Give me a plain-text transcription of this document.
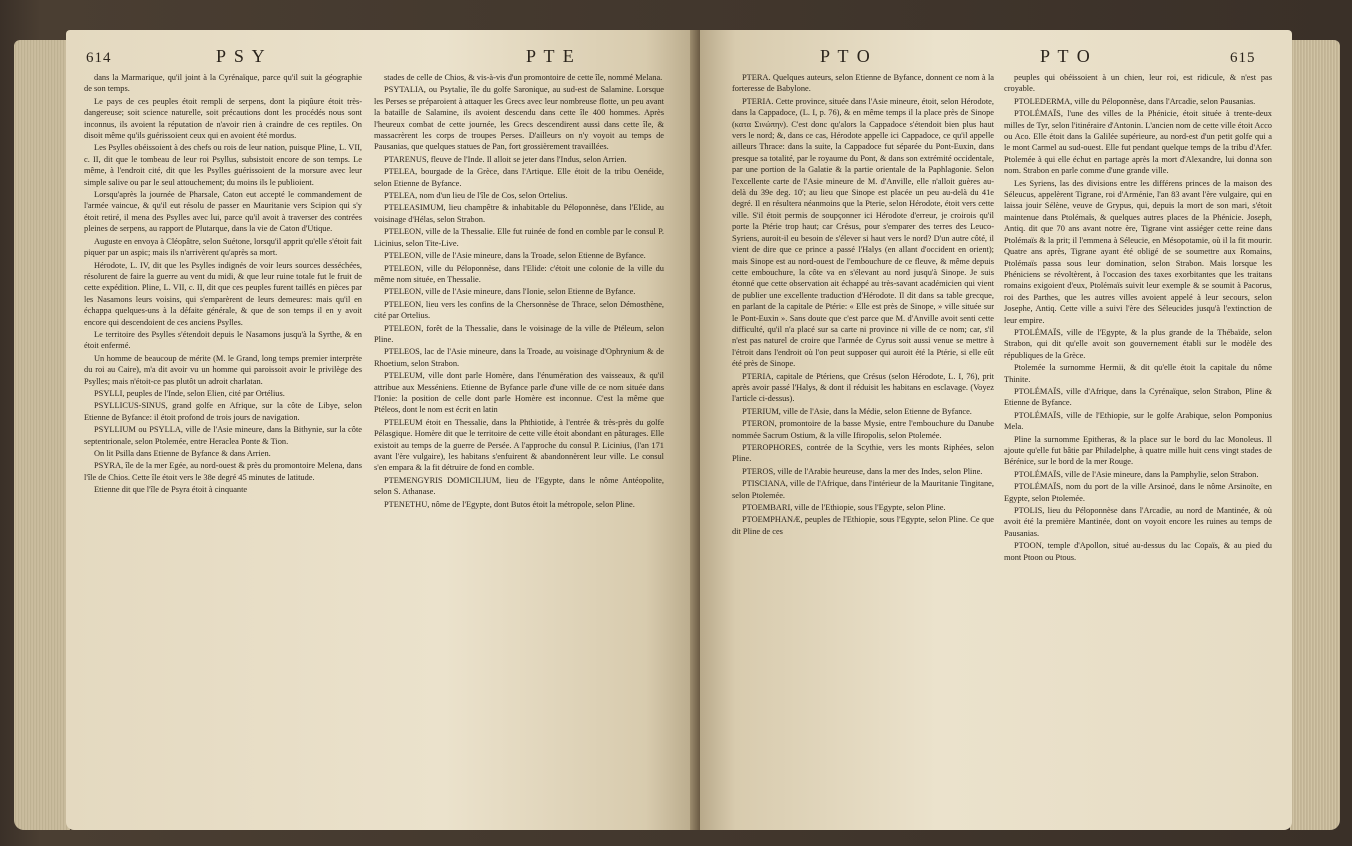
614	P S Y	P T E

dans la Marmarique, qu'il joint à la Cyrénaïque, parce qu'il suit la géographie de son temps.

Le pays de ces peuples étoit rempli de serpens, dont la piqûure étoit très-dangereuse; soit science naturelle, soit précautions dont les procédés nous sont inconnus, ils avoient la réputation de n'avoir rien à craindre de ces reptiles. On disoit même qu'ils guérissoient ceux qui en avoient été mordus.

Les Psylles obéissoient à des chefs ou rois de leur nation, puisque Pline, L. VII, c. II, dit que le tombeau de leur roi Psyllus, subsistoit encore de son temps. Le même, à l'endroit cité, dit que les Psylles guérissoient de la morsure avec leur simple salive ou par le seul attouchement; du moins ils le publioient.

Lorsqu'après la journée de Pharsale, Caton eut accepté le commandement de l'armée vaincue, & qu'il eut résolu de passer en Mauritanie vers Scipion qui s'y étoit retiré, il mena des Psylles avec lui, parce qu'il avoit à traverser des contrées pleines de serpens, au rapport de Plutarque, dans la vie de Caton d'Utique.

Auguste en envoya à Cléopâtre, selon Suétone, lorsqu'il apprit qu'elle s'étoit fait piquer par un aspic; mais ils n'arrivèrent qu'après sa mort.

Hérodote, L. IV, dit que les Psylles indignés de voir leurs sources desséchées, résolurent de faire la guerre au vent du midi, & que leur ruine totale fut le fruit de cette expédition. Pline, L. VII, c. II, dit que ces peuples furent taillés en pièces par les Nasamons leurs voisins, qui s'emparèrent de leurs demeures: mais qu'il en échappa quelques-uns à la défaite générale, & que de son temps il en y avoit encore qui descendoient de ces anciens Psylles.

Le territoire des Psylles s'étendoit depuis le Nasamons jusqu'à la Syrthe, & en étoit enfermé.

Un homme de beaucoup de mérite (M. le Grand, long temps premier interprète du roi au Caire), m'a dit avoir vu un homme qui paroissoit avoir le privilège des Psylles; mais n'étoit-ce pas plutôt un adroit charlatan.

PSYLLI, peuples de l'Inde, selon Elien, cité par Ortélius.

PSYLLICUS-SINUS, grand golfe en Afrique, sur la côte de Libye, selon Etienne de Byfance: il étoit profond de trois jours de navigation.

PSYLLIUM ou PSYLLA, ville de l'Asie mineure, dans la Bithynie, sur la côte septentrionale, selon Ptolemée, entre Heraclea Ponte & Tion.

On lit Psilla dans Etienne de Byfance & dans Arrien.

PSYRA, île de la mer Egée, au nord-ouest & près du promontoire Melena, dans l'île de Chios. Cette île étoit vers le 38e degré 45 minutes de latitude.

Etienne dit que l'île de Psyra étoit à cinquante

stades de celle de Chios, & vis-à-vis d'un promontoire de cette île, nommé Melana.

PSYTALIA, ou Psytalie, île du golfe Saronique, au sud-est de Salamine. Lorsque les Perses se préparoient à attaquer les Grecs avec leur nombreuse flotte, un peu avant la bataille de Salamine, ils avoient descendu dans cette île 400 hommes. Après l'heureux combat de cette journée, les Grecs descendirent aussi dans cette île, & massacrèrent les corps de troupes Perses. D'ailleurs on n'y voyoit au temps de Pausanias, que quelques statues de Pan, fort grossièrement travaillées.

PTARENUS, fleuve de l'Inde. Il alloit se jeter dans l'Indus, selon Arrien.

PTELEA, bourgade de la Grèce, dans l'Artique. Elle étoit de la tribu Oenéide, selon Etienne de Byfance.

PTELEA, nom d'un lieu de l'île de Cos, selon Ortelius.

PTELEASIMUM, lieu champêtre & inhabitable du Péloponnèse, dans l'Elide, au voisinage d'Hélas, selon Strabon.

PTELEON, ville de la Thessalie. Elle fut ruinée de fond en comble par le consul P. Licinius, selon Tite-Live.

PTELEON, ville de l'Asie mineure, dans la Troade, selon Etienne de Byfance.

PTELEON, ville du Péloponnèse, dans l'Elide: c'étoit une colonie de la ville du même nom située, en Thessalie.

PTELEON, ville de l'Asie mineure, dans l'Ionie, selon Etienne de Byfance.

PTELEON, lieu vers les confins de la Chersonnèse de Thrace, selon Démosthène, cité par Ortelius.

PTELEON, forêt de la Thessalie, dans le voisinage de la ville de Ptéleum, selon Pline.

PTELEOS, lac de l'Asie mineure, dans la Troade, au voisinage d'Ophrynium & de Rhoetium, selon Strabon.

PTELEUM, ville dont parle Homère, dans l'énumération des vaisseaux, & qu'il attribue aux Messéniens. Etienne de Byfance parle d'une ville de ce nom située dans l'Ionie: la position de celle dont parle Homère est inconnue. C'est la même que Ptéleos, dont le nom est écrit en latin

PTELEUM étoit en Thessalie, dans la Phthiotide, à l'entrée & très-près du golfe Pélasgique. Homère dit que le territoire de cette ville étoit abondant en pâturages. Elle existoit au temps de la guerre de Persée. A l'approche du consul P. Licinius, (l'an 171 avant l'ère vulgaire), les habitans s'enfuirent & abandonnèrent leur ville. Le consul s'en empara & la fit détruire de fond en comble.

PTEMENGYRIS DOMICILIUM, lieu de l'Egypte, dans le nôme Antéopolite, selon S. Athanase.

PTENETHU, nôme de l'Egypte, dont Butos étoit la métropole, selon Pline.

P T O	P T O	615

PTERA. Quelques auteurs, selon Etienne de Byfance, donnent ce nom à la forteresse de Babylone.

PTERIA. Cette province, située dans l'Asie mineure, étoit, selon Hérodote, dans la Cappadoce, (L. I, p. 76), & en même temps il la place près de Sinope (κατα Σινώπην). C'est donc qu'alors la Cappadoce s'étendoit bien plus haut vers le nord; &, dans ce cas, Hérodote appelle ici Cappadoce, ce qu'il appelle ailleurs Thrace: dans la suite, la Cappadoce fut séparée du Pont-Euxin, dans presque sa totalité, par le royaume du Pont, & dans son extrémité occidentale, par une portion de la Galatie & la partie orientale de la Paphlagonie. Selon l'excellente carte de l'Asie mineure de M. d'Anville, elle n'alloit guères au-delà du 39e deg. 10'; au lieu que Sinope est placée un peu au-delà du 41e degré. Il en résultera néanmoins que la Pterie, selon Hérodote, étoit vers cette ville. S'il étoit permis de soupçonner ici Hérodote d'erreur, je croirois qu'il porte la Ptérie trop haut; car Crésus, pour s'emparer des terres des Leuco-Syriens, auroit-il eu besoin de s'élever si haut vers le nord? D'un autre côté, il vient de dire que ce prince a passé l'Halys (en allant d'occident en orient); mais Sinope est au nord-ouest de l'embouchure de ce fleuve, & même depuis cette embouchure, la côte va en s'élevant au nord jusqu'à Sinope. Je suis étonné que cette observation ait échappé au très-savant académicien qui vient de publier une excellente traduction d'Hérodote. Il dit dans sa table grecque, en parlant de la capitale de Ptérie: « Elle est près de Sinope, » ville située sur le Pont-Euxin ». Sans doute que c'est parce que M. d'Anville avoit senti cette difficulté, qu'il n'a placé sur sa carte ni province ni ville de ce nom; car, s'il n'est pas naturel de croire que l'armée de Cyrus soit aussi venue se mettre à l'étroit dans l'endroit où l'on peut supposer qui auroit été la Ptérie, si elle eût été près de Sinope.

PTERIA, capitale de Ptériens, que Crésus (selon Hérodote, L. I, 76), prit après avoir passé l'Halys, & dont il réduisit les habitans en esclavage. (Voyez l'article ci-dessus).

PTERIUM, ville de l'Asie, dans la Médie, selon Etienne de Byfance.

PTERON, promontoire de la basse Mysie, entre l'embouchure du Danube nommée Sacrum Ostium, & la ville Ifiropolis, selon Ptolemée.

PTEROPHORES, contrée de la Scythie, vers les monts Riphées, selon Pline.

PTEROS, ville de l'Arabie heureuse, dans la mer des Indes, selon Pline.

PTISCIANA, ville de l'Afrique, dans l'intérieur de la Mauritanie Tingitane, selon Ptolemée.

PTOEMBARI, ville de l'Ethiopie, sous l'Egypte, selon Pline.

PTOEMPHANÆ, peuples de l'Ethiopie, sous l'Egypte, selon Pline. Ce que dit Pline de ces

peuples qui obéissoient à un chien, leur roi, est ridicule, & n'est pas croyable.

PTOLEDERMA, ville du Péloponnèse, dans l'Arcadie, selon Pausanias.

PTOLÉMAÏS, l'une des villes de la Phénicie, étoit située à trente-deux milles de Tyr, selon l'itinéraire d'Antonin. L'ancien nom de cette ville étoit Acco ou Aco. Elle étoit dans la Galilée supérieure, au nord-est d'un petit golfe qui a le mont Carmel au sud-ouest. Elle fut pendant quelque temps de la tribu d'Afer. Ptolemée à qui elle échut en partage après la mort d'Alexandre, lui donna son nom. Strabon en parle comme d'une grande ville.

Les Syriens, las des divisions entre les différens princes de la maison des Séleucus, appelèrent Tigrane, roi d'Arménie, l'an 83 avant l'ère vulgaire, qui en laissa jouir Sélène, veuve de Grypus, qui, depuis la mort de son mari, s'étoit maintenue dans Ptolémaïs, & quelques autres places de la Phénicie. Joseph, Antiq. dit que 70 ans avant notre ère, Tigrane vint assiéger cette reine dans Ptolémaïs & la prit; il l'emmena à Séleucie, en Mésopotamie, où il la fit mourir. Quatre ans après, Tigrane ayant été obligé de se soumettre aux Romains, Ptolémaïs passa sous leur domination, selon Strabon. Mais lorsque les Phéniciens se révoltèrent, à l'occasion des taxes exorbitantes que les traitans romains exigoient d'eux, Ptolémaïs suivit leur exemple & se soumit à Pacorus, roi des Parthes, que les autres villes avoient appelé à leur secours, selon Josephe, Antiq. Cette ville a suivi l'ère des Séleucides jusqu'à l'extinction de leur empire.

PTOLÉMAÏS, ville de l'Egypte, & la plus grande de la Thébaïde, selon Strabon, qui dit qu'elle avoit son gouvernement établi sur le modèle des républiques de la Grèce.

Ptolemée la surnomme Hermii, & dit qu'elle étoit la capitale du nôme Thinite.

PTOLÉMAÏS, ville d'Afrique, dans la Cyrénaïque, selon Strabon, Pline & Etienne de Byfance.

PTOLÉMAÏS, ville de l'Ethiopie, sur le golfe Arabique, selon Pomponius Mela.

Pline la surnomme Epitheras, & la place sur le bord du lac Monoleus. Il ajoute qu'elle fut bâtie par Philadelphe, à quatre mille huit cens vingt stades de Bérénice, sur le bord de la mer Rouge.

PTOLÉMAÏS, ville de l'Asie mineure, dans la Pamphylie, selon Strabon.

PTOLÉMAÏS, nom du port de la ville Arsinoé, dans le nôme Arsinoïte, en Egypte, selon Ptolemée.

PTOLIS, lieu du Péloponnèse dans l'Arcadie, au nord de Mantinée, & où avoit été la première Mantinée, dont on voyoit encore les ruines au temps de Pausanias.

PTOON, temple d'Apollon, situé au-dessus du lac Copaïs, & au pied du mont Ptoon ou Ptous.
